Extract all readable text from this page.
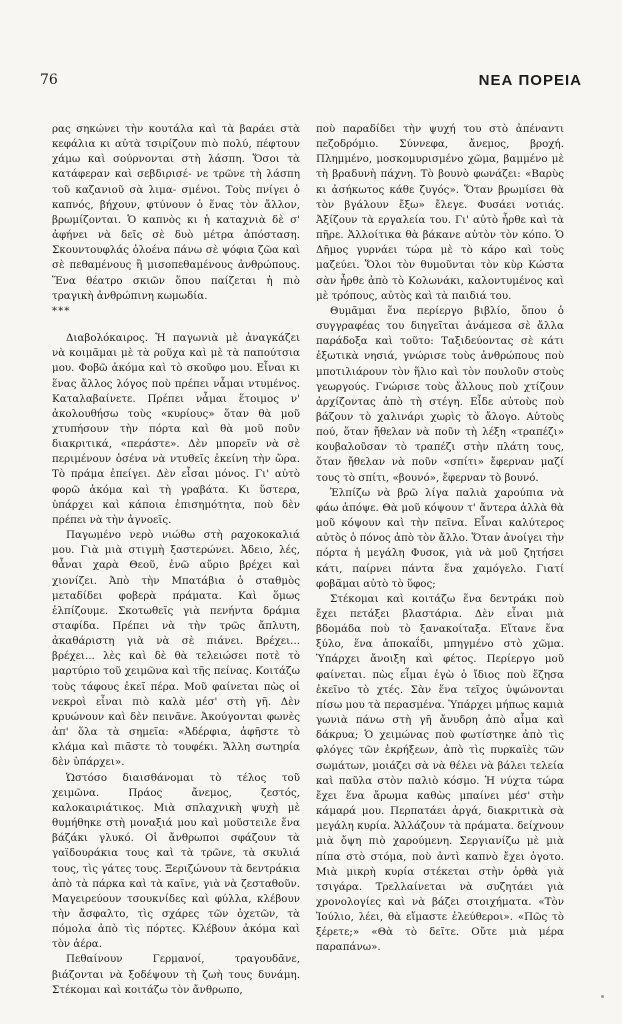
76	ΝΕΑ ΠΟΡΕΙΑ

ρας σηκώνει τὴν κουτάλα καὶ τὰ βαράει στὰ κεφάλια κι αὐτὰ τσιρίζουν πιὸ πολύ, πέφτουν χάμω καὶ σούρνονται στὴ λάσπη. Ὅσοι τὰ κατάφεραν καὶ σεβδιρισέ- νε τρῶνε τὴ λάσπη τοῦ καζανιοῦ σὰ λιμα- σμένοι. Τοὺς πνίγει ὁ καπνός, βήχουν, φτύνουν ὁ ἕνας τὸν ἄλλον, βρωμίζονται. Ὁ καπνὸς κι ἡ καταχνιὰ δὲ σ' ἀφήνει νὰ δεῖς σὲ δυὸ μέτρα ἀπόσταση. Σκουντουφλάς ὁλοένα πάνω σὲ ψόφια ζῶα καὶ σὲ πεθαμένους ἢ μισοπεθαμένους ἀνθρώπους. Ἕνα θέατρο σκιῶν ὅπου παίζεται ἡ πιὸ τραγικὴ ἀνθρώπινη κωμωδία.

***

Διαβολόκαιρος. Ἡ παγωνιὰ μὲ ἀναγκάζει νὰ κοιμᾶμαι μὲ τὰ ροῦχα καὶ μὲ τὰ παπούτσια μου. Φοβῶ ἀκόμα καὶ τὸ σκοῦφο μου. Εἶναι κι ἕνας ἄλλος λόγος ποὺ πρέπει νἆμαι ντυμένος. Καταλαβαίνετε. Πρέπει νἆμαι ἕτοιμος ν' ἀκολουθήσω τοὺς «κυρίους» ὅταν θὰ μοῦ χτυπήσουν τὴν πόρτα καὶ θὰ μοῦ ποῦν διακριτικά, «περάστε». Δὲν μπορεῖν νὰ σὲ περιμένουν ὁσένα νὰ ντυθεῖς ἐκείνη τὴν ὥρα. Τὸ πράμα ἐπείγει. Δὲν εἶσαι μόνος. Γι' αὐτὸ φορῶ ἀκόμα καὶ τὴ γραβάτα. Κι ὕστερα, ὑπάρχει καὶ κάποια ἐπισημότητα, ποὺ δὲν πρέπει νὰ τὴν ἀγνοεῖς.

Παγωμένο νερὸ νιώθω στὴ ραχοκοκαλιά μου. Γιὰ μιὰ στιγμὴ ξαστερώνει. Ἀδειο, λές, θἆναι χαρὰ Θεοῦ, ἐνῶ αὔριο βρέχει καὶ χιονίζει. Ἀπὸ τὴν Μπατάβια ὁ σταθμὸς μεταδίδει φοβερὰ πράματα. Καὶ ὅμως ἐλπίζουμε. Σκοτωθεῖς γιὰ πενήντα δράμια σταφίδα. Πρέπει νὰ τὴν τρῶς ἄπλυτη, ἀκαθάριστη γιὰ νὰ σὲ πιάνει. Βρέχει... βρέχει... λὲς καὶ δὲ θὰ τελειώσει ποτὲ τὸ μαρτύριο τοῦ χειμῶνα καὶ τῆς πείνας. Κοιτάζω τοὺς τάφους ἐκεῖ πέρα. Μοῦ φαίνεται πὼς οἱ νεκροὶ εἶναι πιὸ καλὰ μέσ' στὴ γῆ. Δὲν κρυώνουν καὶ δὲν πεινᾶνε. Ἀκούγονται φωνὲς ἀπ' ὅλα τὰ σημεῖα: «Ἀδέρφια, ἀφῆστε τὸ κλάμα καὶ πιᾶστε τὸ τουφέκι. Ἄλλη σωτηρία δὲν ὑπάρχει».

Ὡστόσο διαισθάνομαι τὸ τέλος τοῦ χειμῶνα. Πράος ἄνεμος, ζεστός, καλοκαιριάτικος. Μιὰ σπλαχνικὴ ψυχὴ μὲ θυμήθηκε στὴ μοναξιά μου καὶ μοῦστειλε ἕνα βάζάκι γλυκό. Οἱ ἄνθρωποι σφάζουν τὰ γαϊδουράκια τους καὶ τὰ τρῶνε, τὰ σκυλιά τους, τὶς γάτες τους. Ξεριζώνουν τὰ δεντράκια ἀπὸ τὰ πάρκα καὶ τὰ καῖνε, γιὰ νὰ ζεσταθοῦν. Μαγειρεύουν τσουκνίδες καὶ φύλλα, κλέβουν τὴν ἄσφαλτο, τὶς σχάρες τῶν ὀχετῶν, τὰ πόμολα ἀπὸ τὶς πόρτες. Κλέβουν ἀκόμα καὶ τὸν ἀέρα.

Πεθαίνουν Γερμανοί, τραγουδᾶνε, βιάζονται νὰ ξοδέψουν τὴ ζωὴ τους δυνάμη. Στέκομαι καὶ κοιτάζω τὸν ἄνθρωπο,

ποὺ παραδίδει τὴν ψυχή του στὸ ἀπέναντι πεζοδρόμιο. Σύννεφα, ἄνεμος, βροχή. Πλημμένο, μοσκομυρισμένο χῶμα, βαμμένο μὲ τὴ βραδυνὴ πάχνη. Τὸ βουνὸ φωνάζει: «Βαρὺς κι ἀσήκωτος κάθε ζυγός». Ὅταν βρωμίσει θὰ τὸν βγάλουν ἔξω» ἔλεγε. Φυσάει νοτιάς. Ἀξίζουν τὰ εργαλεία του. Γι' αὐτὸ ἦρθε καὶ τὰ πῆρε. Ἀλλοίτικα θὰ βάκανε αὐτὸν τὸν κόπο. Ὁ Δῆμος γυρνάει τώρα μὲ τὸ κάρο καὶ τοὺς μαζεύει. Ὅλοι τὸν θυμοῦνται τὸν κὺρ Κώστα σὰν ἦρθε ἀπὸ τὸ Κολωνάκι, καλοντυμένος καὶ μὲ τρόπους, αὐτὸς καὶ τὰ παιδιά του.

Θυμᾶμαι ἕνα περίεργο βιβλίο, ὅπου ὁ συγγραφέας του διηγεῖται ἀνάμεσα σὲ ἄλλα παράδοξα καὶ τοῦτο: Ταξιδεύοντας σὲ κάτι ἐξωτικὰ νησιά, γνώρισε τοὺς ἀνθρώπους ποὺ μποτιλιάρουν τὸν ἥλιο καὶ τὸν πουλοῦν στοὺς γεωργούς. Γνώρισε τοὺς ἄλλους ποὺ χτίζουν ἀρχίζοντας ἀπὸ τὴ στέγη. Εἶδε αὐτοὺς ποὺ βάζουν τὸ χαλινάρι χωρὶς τὸ ἄλογο. Αὐτοὺς πού, ὅταν ἤθελαν νὰ ποῦν τὴ λέξη «τραπέζι» κουβαλοῦσαν τὸ τραπέζι στὴν πλάτη τους, ὅταν ἤθελαν νὰ ποῦν «σπίτι» ἔφερναν μαζί τους τὸ σπίτι, «βουνό», ἔφερναν τὸ βουνό.

Ἐλπίζω νὰ βρῶ λίγα παλιὰ χαρούπια νὰ φάω ἀπόψε. Θὰ μοῦ κόψουν τ' ἄντερα ἀλλὰ θὰ μοῦ κόψουν καὶ τὴν πεῖνα. Εἶναι καλύτερος αὐτὸς ὁ πόνος ἀπὸ τὸν ἄλλο. Ὅταν ἀνοίγει τὴν πόρτα ἡ μεγάλη Φυσοκ, γιὰ νὰ μοῦ ζητήσει κάτι, παίρνει πάντα ἕνα χαμόγελο. Γιατί φοβᾶμαι αὐτὸ τὸ ὕφος;

Στέκομαι καὶ κοιτάζω ἕνα δεντράκι ποὺ ἔχει πετάξει βλαστάρια. Δὲν εἶναι μιὰ βδομάδα ποὺ τὸ ξανακοίταξα. Εἴτανε ἕνα ξύλο, ἕνα ἀποκαΐδι, μπηγμένο στὸ χῶμα. Ὑπάρχει ἄνοιξη καὶ φέτος. Περίεργο μοῦ φαίνεται. πὼς εἶμαι ἐγὼ ὁ ἴδιος ποὺ ἔζησα ἐκεῖνο τὸ χτές. Σὰν ἕνα τεῖχος ὑψώνονται πίσω μου τὰ περασμένα. Ὑπάρχει μήπως καμιὰ γωνιὰ πάνω στὴ γῆ ἄνυδρη ἀπὸ αἷμα καὶ δάκρυα; Ὁ χειμώνας ποὺ φωτίστηκε ἀπὸ τὶς φλόγες τῶν ἐκρήξεων, ἀπὸ τὶς πυρκαϊὲς τῶν σωμάτων, μοιάζει σὰ νὰ θέλει νὰ βάλει τελεία καὶ παῦλα στὸν παλιὸ κόσμο. Ἡ νύχτα τώρα ἔχει ἕνα ἄρωμα καθὼς μπαίνει μέσ' στὴν κάμαρά μου. Περπατάει ἀργά, διακριτικὰ σὰ μεγάλη κυρία. Ἀλλάζουν τὰ πράματα. δείχνουν μιὰ ὄψη πιὸ χαρούμενη. Σεργιανίζω μὲ μιὰ πίπα στὸ στόμα, ποὺ ἀντὶ καπνὸ ἔχει ὀγοτο. Μιὰ μικρὴ κυρία στέκεται στὴν ὀρθὰ γιὰ τσιγάρα. Τρελλαίνεται νὰ συζητάει γιὰ χρονολογίες καὶ νὰ βάζει στοιχήματα. «Τὸν Ἰούλιο, λέει, θὰ εἴμαστε ἐλεύθεροι». «Πῶς τὸ ξέρετε;» «Θὰ τὸ δεῖτε. Οὔτε μιὰ μέρα παραπάνω».
